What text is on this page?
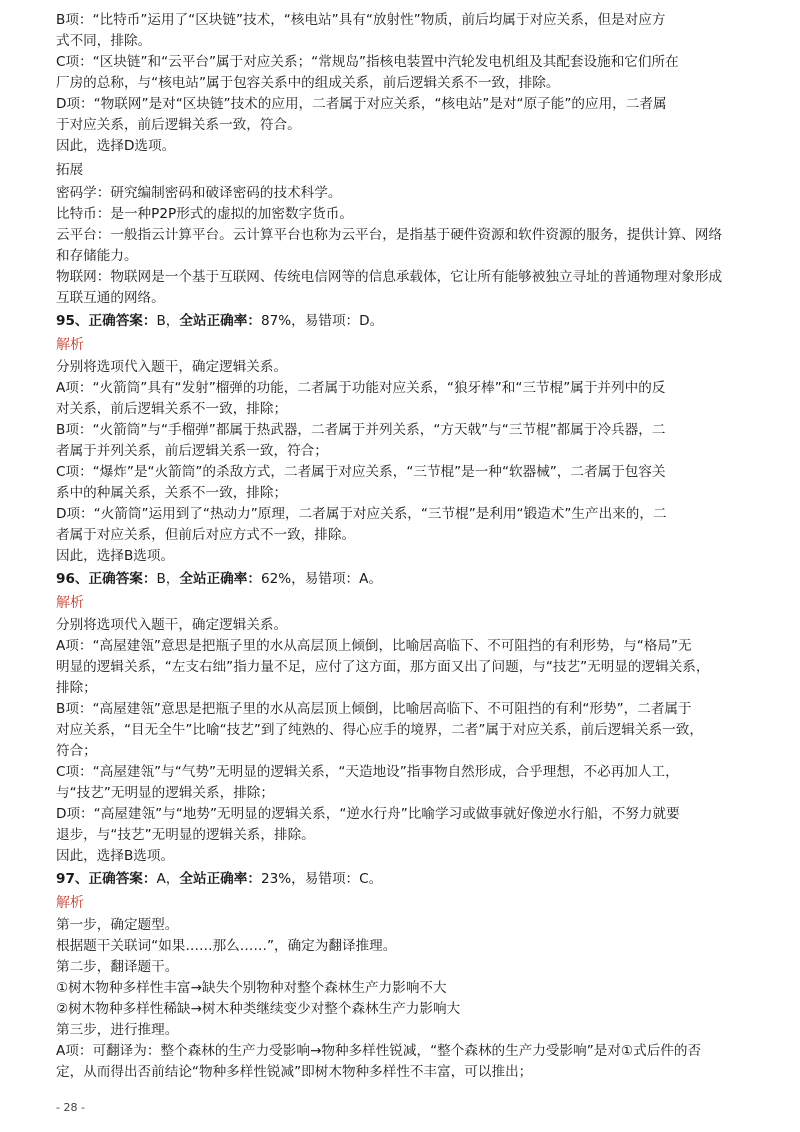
B项：“比特币”运用了“区块链”技术，“核电站”具有“放射性”物质，前后均属于对应关系，但是对应方

式不同，排除。

C项：“区块链”和“云平台”属于对应关系；“常规岛”指核电装置中汽轮发电机组及其配套设施和它们所在

厂房的总称，与“核电站”属于包容关系中的组成关系，前后逻辑关系不一致，排除。

D项：“物联网”是对“区块链”技术的应用，二者属于对应关系，“核电站”是对“原子能”的应用，二者属

于对应关系，前后逻辑关系一致，符合。

因此，选择D选项。

拓展

密码学：研究编制密码和破译密码的技术科学。

比特币：是一种P2P形式的虚拟的加密数字货币。

云平台：一般指云计算平台。云计算平台也称为云平台，是指基于硬件资源和软件资源的服务，提供计算、网络

和存储能力。

物联网：物联网是一个基于互联网、传统电信网等的信息承载体，它让所有能够被独立寻址的普通物理对象形成

互联互通的网络。

95、正确答案：B，全站正确率：87%，易错项：D。

解析

分别将选项代入题干，确定逻辑关系。

A项：“火箭筒”具有“发射”榴弹的功能，二者属于功能对应关系，“狼牙棒”和“三节棍”属于并列中的反

对关系，前后逻辑关系不一致，排除；

B项：“火箭筒”与“手榴弹”都属于热武器，二者属于并列关系，“方天戟”与“三节棍”都属于冷兵器，二

者属于并列关系，前后逻辑关系一致，符合；

C项：“爆炸”是“火箭筒”的杀敌方式，二者属于对应关系，“三节棍”是一种“软器械”，二者属于包容关

系中的种属关系，关系不一致，排除；

D项：“火箭筒”运用到了“热动力”原理，二者属于对应关系，“三节棍”是利用“锻造术”生产出来的，二

者属于对应关系，但前后对应方式不一致，排除。

因此，选择B选项。

96、正确答案：B，全站正确率：62%，易错项：A。

解析

分别将选项代入题干，确定逻辑关系。

A项：“高屋建瓴”意思是把瓶子里的水从高层顶上倾倒，比喻居高临下、不可阻挡的有利形势，与“格局”无

明显的逻辑关系，“左支右绌”指力量不足，应付了这方面，那方面又出了问题，与“技艺”无明显的逻辑关系，

排除；

B项：“高屋建瓴”意思是把瓶子里的水从高层顶上倾倒，比喻居高临下、不可阻挡的有利“形势”，二者属于

对应关系，“目无全牛”比喻“技艺”到了纯熟的、得心应手的境界，二者”属于对应关系，前后逻辑关系一致，

符合；

C项：“高屋建瓴”与“气势”无明显的逻辑关系，“天造地设”指事物自然形成，合乎理想，不必再加人工，

与“技艺”无明显的逻辑关系，排除；

D项：“高屋建瓴”与“地势”无明显的逻辑关系，“逆水行舟”比喻学习或做事就好像逆水行船，不努力就要

退步，与“技艺”无明显的逻辑关系，排除。

因此，选择B选项。

97、正确答案：A，全站正确率：23%，易错项：C。

解析

第一步，确定题型。

根据题干关联词“如果……那么……”，确定为翻译推理。

第二步，翻译题干。

①树木物种多样性丰富→缺失个别物种对整个森林生产力影响不大

②树木物种多样性稀缺→树木种类继续变少对整个森林生产力影响大

第三步，进行推理。

A项：可翻译为：整个森林的生产力受影响→物种多样性锐减，“整个森林的生产力受影响”是对①式后件的否

定，从而得出否前结论“物种多样性锐减”即树木物种多样性不丰富，可以推出；

- 28 -
